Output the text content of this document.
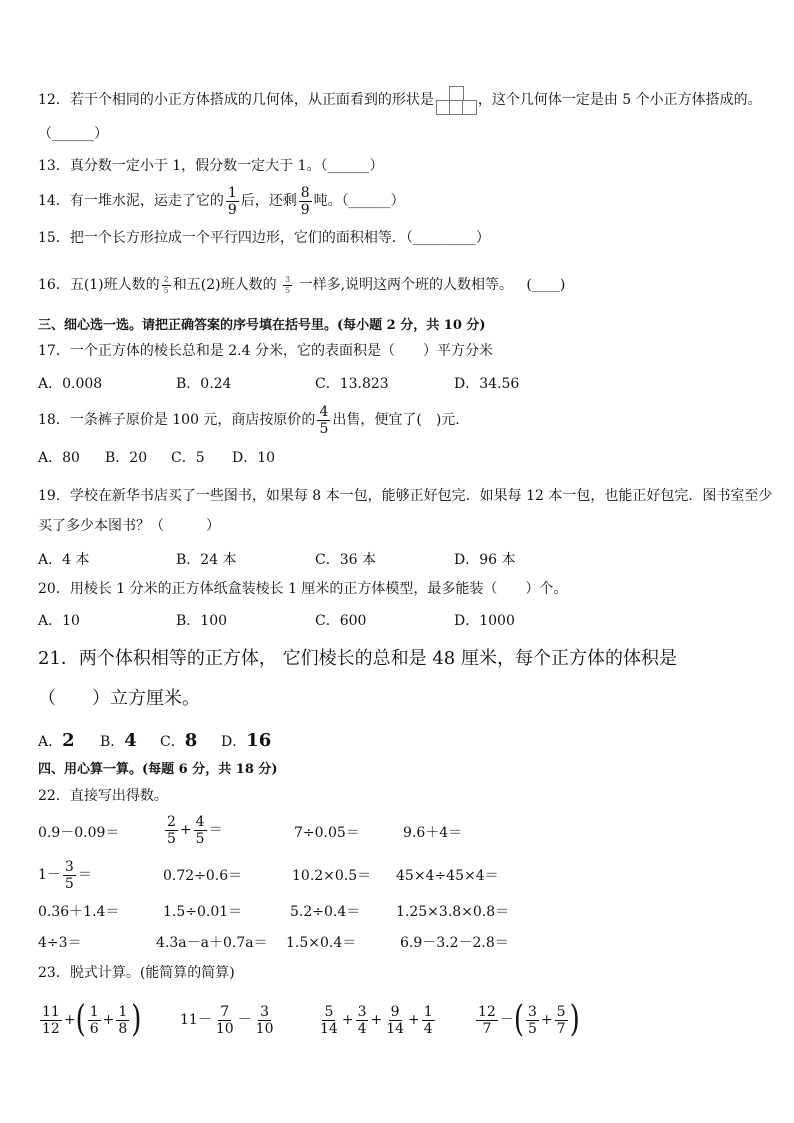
12．若干个相同的小正方体搭成的几何体，从正面看到的形状是	，这个几何体一定是由 5 个小正方体搭成的。
（______）
13．真分数一定小于 1，假分数一定大于 1。（______）
14．有一堆水泥，运走了它的 $\frac{1}{9}$ 后，还剩 $\frac{8}{9}$ 吨。（______）
15．把一个长方形拉成一个平行四边形，它们的面积相等．（_________）
16．五(1)班人数的 $\frac{2}{5}$ 和五(2)班人数的 $\frac{3}{5}$ 一样多,说明这两个班的人数相等。 (____)
三、细心选一选。请把正确答案的序号填在括号里。(每小题 2 分，共 10 分)
17．一个正方体的棱长总和是 2.4 分米，它的表面积是（　　）平方分米
A．0.008	B．0.24	C．13.823	D．34.56
18．一条裤子原价是 100 元，商店按原价的 $\frac{4}{5}$ 出售，便宜了(　)元.
A．80 B．20 C．5 D．10
19．学校在新华书店买了一些图书，如果每 8 本一包，能够正好包完．如果每 12 本一包，也能正好包完．图书室至少
买了多少本图书？（　　　）
A．4 本	B．24 本	C．36 本	D．96 本
20．用棱长 1 分米的正方体纸盒装棱长 1 厘米的正方体模型，最多能装（　　）个。
A．10	B．100	C．600	D．1000
21．两个体积相等的正方体， 它们棱长的总和是 48 厘米，每个正方体的体积是
（　　）立方厘米。
A．2 B．4 C．8 D．16
四、用心算一算。(每题 6 分，共 18 分)
22．直接写出得数。
0.9－0.09＝	$\frac{2}{5} + \frac{4}{5}$ ＝	7÷0.05＝	9.6＋4＝
$1- \frac{3}{5}$ ＝	0.72÷0.6＝	10.2×0.5＝ 45×4÷45×4＝
0.36＋1.4＝	1.5÷0.01＝	5.2÷0.4＝	1.25×3.8×0.8＝
4÷3＝	4.3a－a＋0.7a＝ 1.5×0.4＝	6.9－3.2－2.8＝
23．脱式计算。(能简算的简算)
$\frac{11}{12}$ +( $\frac{1}{6} + \frac{1}{8}$ )	$11- \frac{7}{10} - \frac{3}{10}$	$\frac{5}{14} + \frac{3}{4} + \frac{9}{14} + \frac{1}{4}$	$\frac{12}{7}$ －( $\frac{3}{5} + \frac{5}{7}$ )
